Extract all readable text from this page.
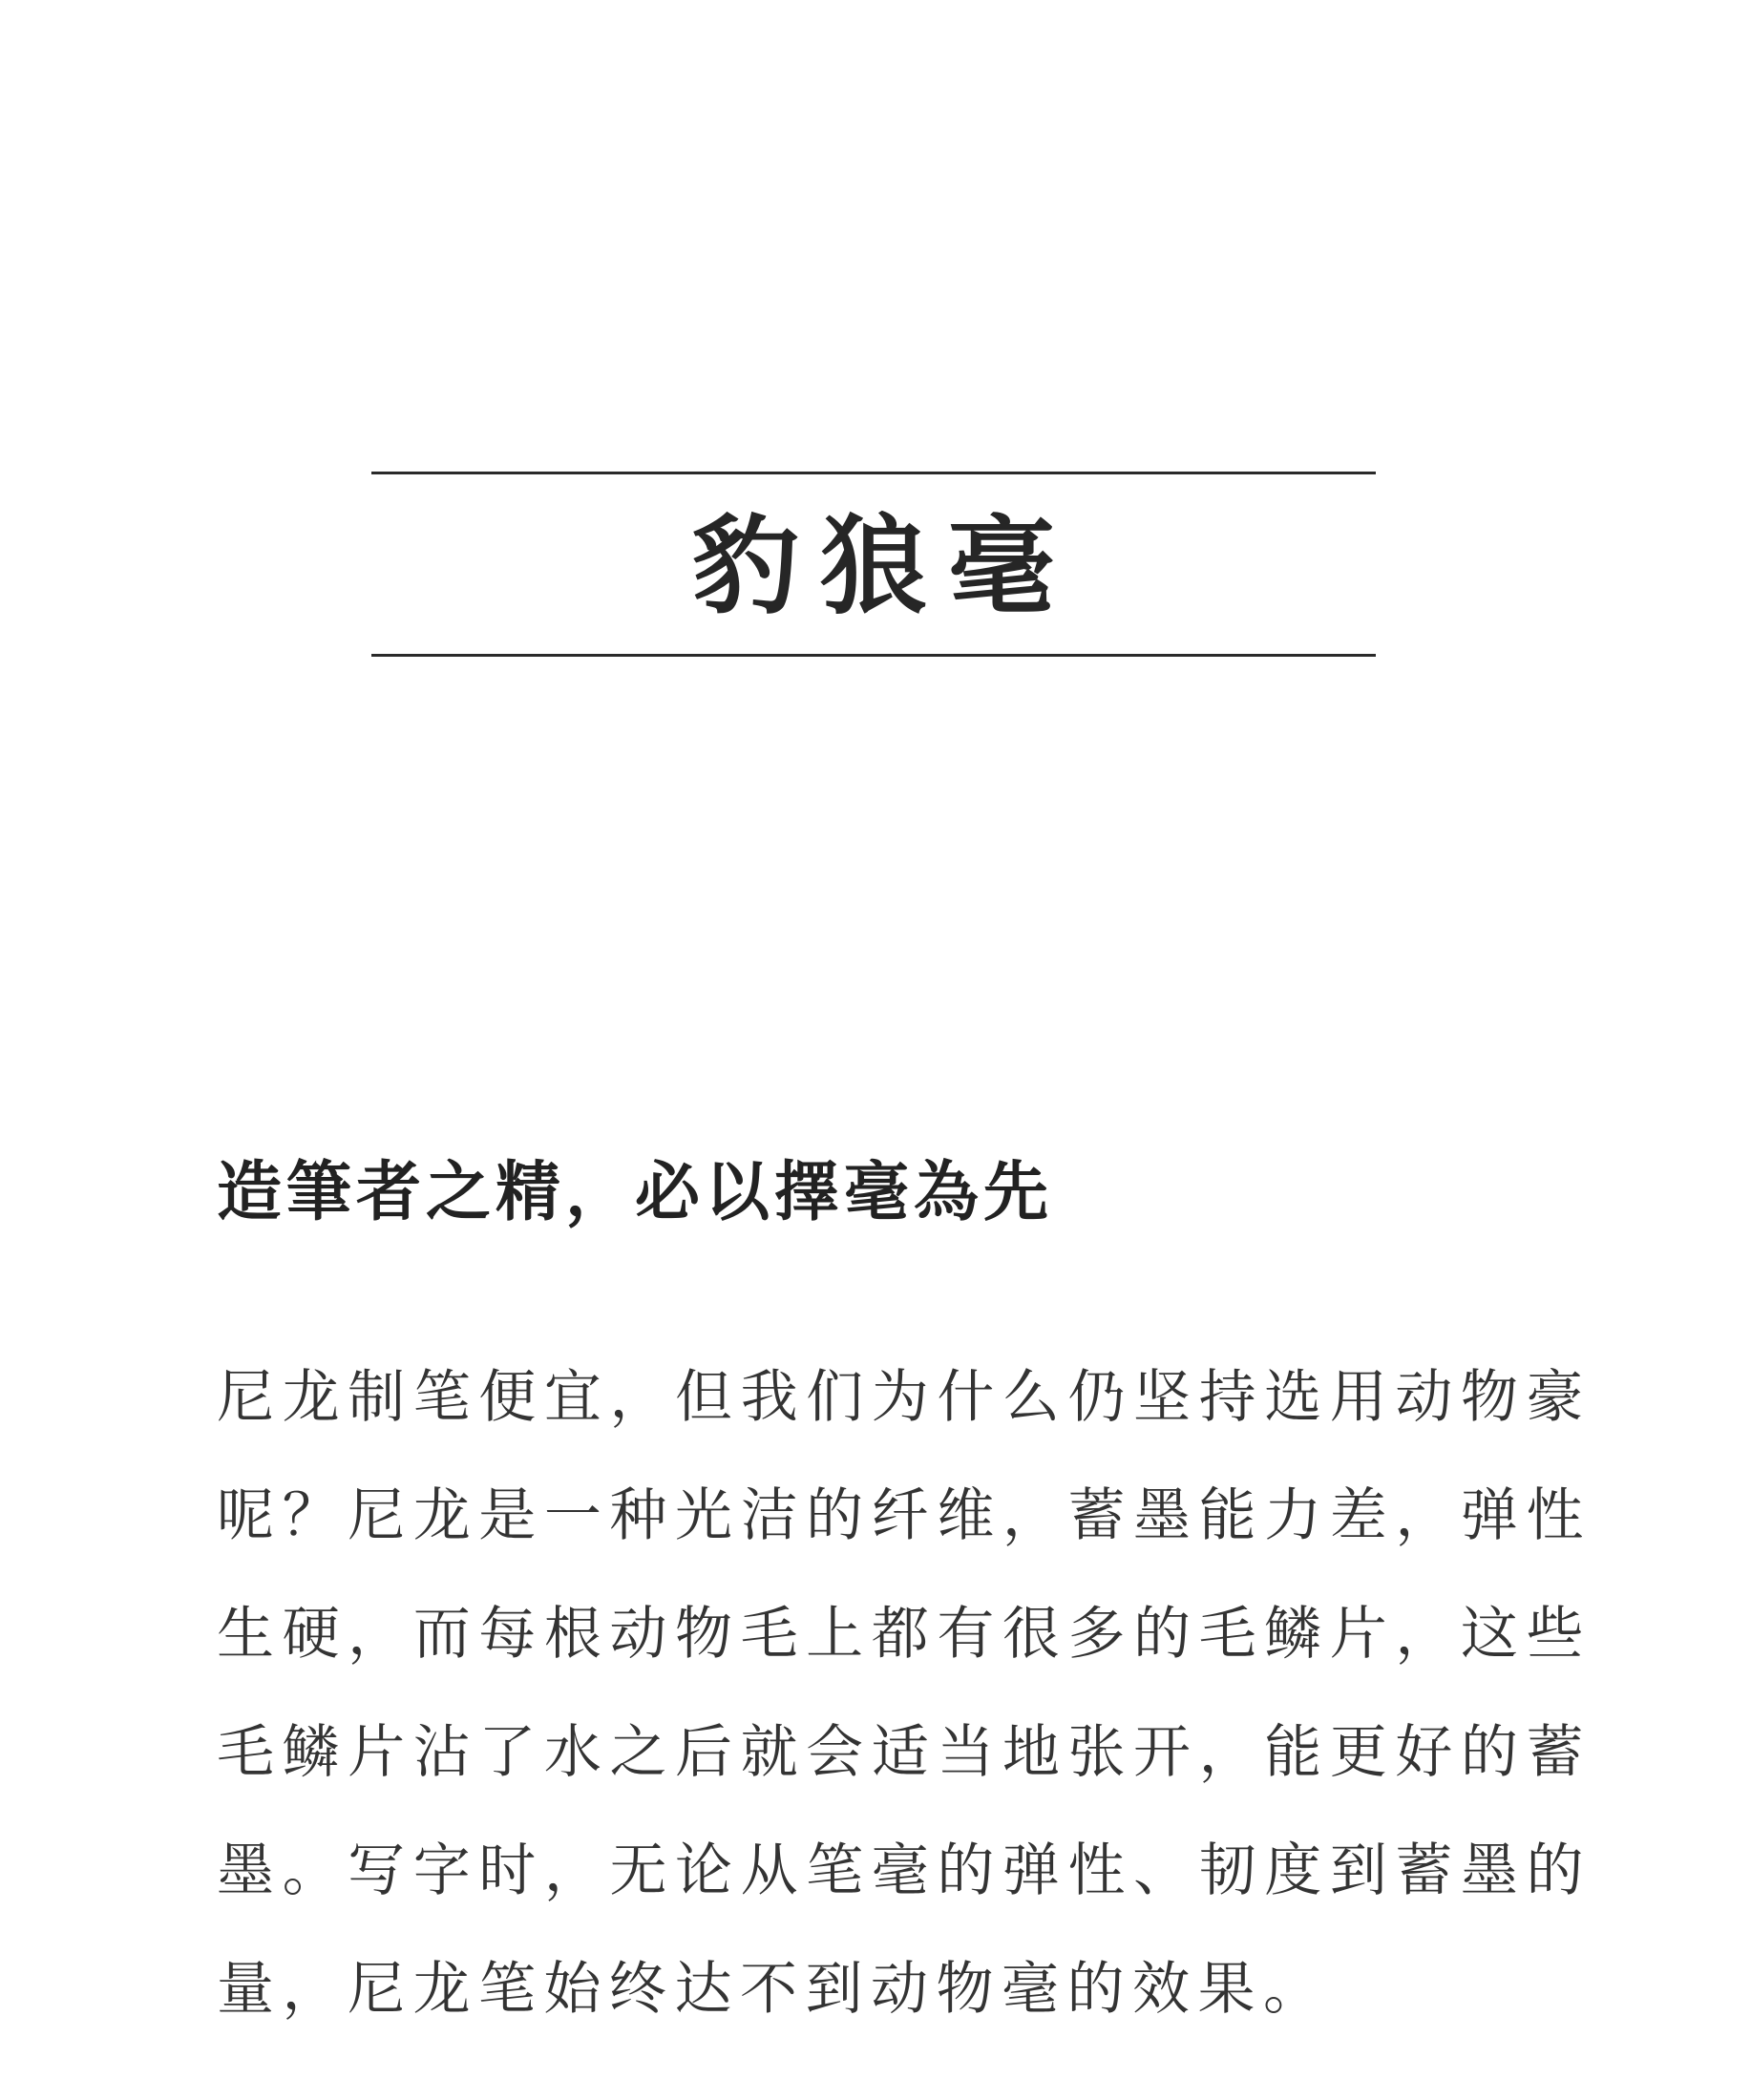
豹狼毫
造筆者之精，必以擇毫為先

尼龙制笔便宜，但我们为什么仍坚持选用动物豪呢？尼龙是一种光洁的纤维，蓄墨能力差，弹性生硬，而每根动物毛上都有很多的毛鳞片，这些毛鳞片沾了水之后就会适当地张开，能更好的蓄墨。写字时，无论从笔毫的弹性、韧度到蓄墨的量，尼龙笔始终达不到动物毫的效果。
